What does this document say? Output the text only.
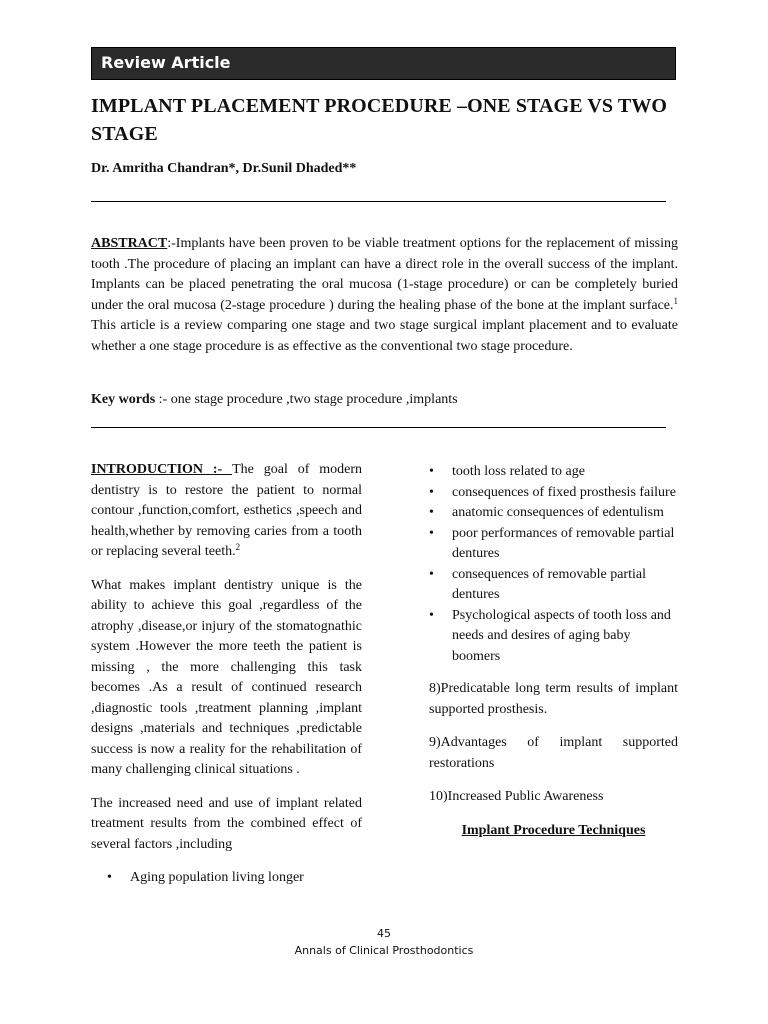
Review Article
IMPLANT PLACEMENT PROCEDURE –ONE STAGE VS TWO STAGE

Dr. Amritha Chandran*, Dr.Sunil Dhaded**

ABSTRACT:-Implants have been proven to be viable treatment options for the replacement of missing tooth .The procedure of placing an implant can have a direct role in the overall success of the implant. Implants can be placed penetrating the oral mucosa (1-stage procedure) or can be completely buried under the oral mucosa (2-stage procedure ) during the healing phase of the bone at the implant surface.$^1$ This article is a review comparing one stage and two stage surgical implant placement and to evaluate whether a one stage procedure is as effective as the conventional two stage procedure.

Key words :- one stage procedure ,two stage procedure ,implants

INTRODUCTION :- The goal of modern dentistry is to restore the patient to normal contour ,function,comfort, esthetics ,speech and health,whether by removing caries from a tooth or replacing several teeth.$^2$

What makes implant dentistry unique is the ability to achieve this goal ,regardless of the atrophy ,disease,or injury of the stomatognathic system .However the more teeth the patient is missing , the more challenging this task becomes .As a result of continued research ,diagnostic tools ,treatment planning ,implant designs ,materials and techniques ,predictable success is now a reality for the rehabilitation of many challenging clinical situations .

The increased need and use of implant related treatment results from the combined effect of several factors ,including

• Aging population living longer
• tooth loss related to age
• consequences of fixed prosthesis failure
• anatomic consequences of edentulism
• poor performances of removable partial dentures
• consequences of removable partial dentures
• Psychological aspects of tooth loss and needs and desires of aging baby boomers

8)Predicatable long term results of implant supported prosthesis.

9)Advantages of implant supported restorations

10)Increased Public Awareness

Implant Procedure Techniques

45
Annals of Clinical Prosthodontics
